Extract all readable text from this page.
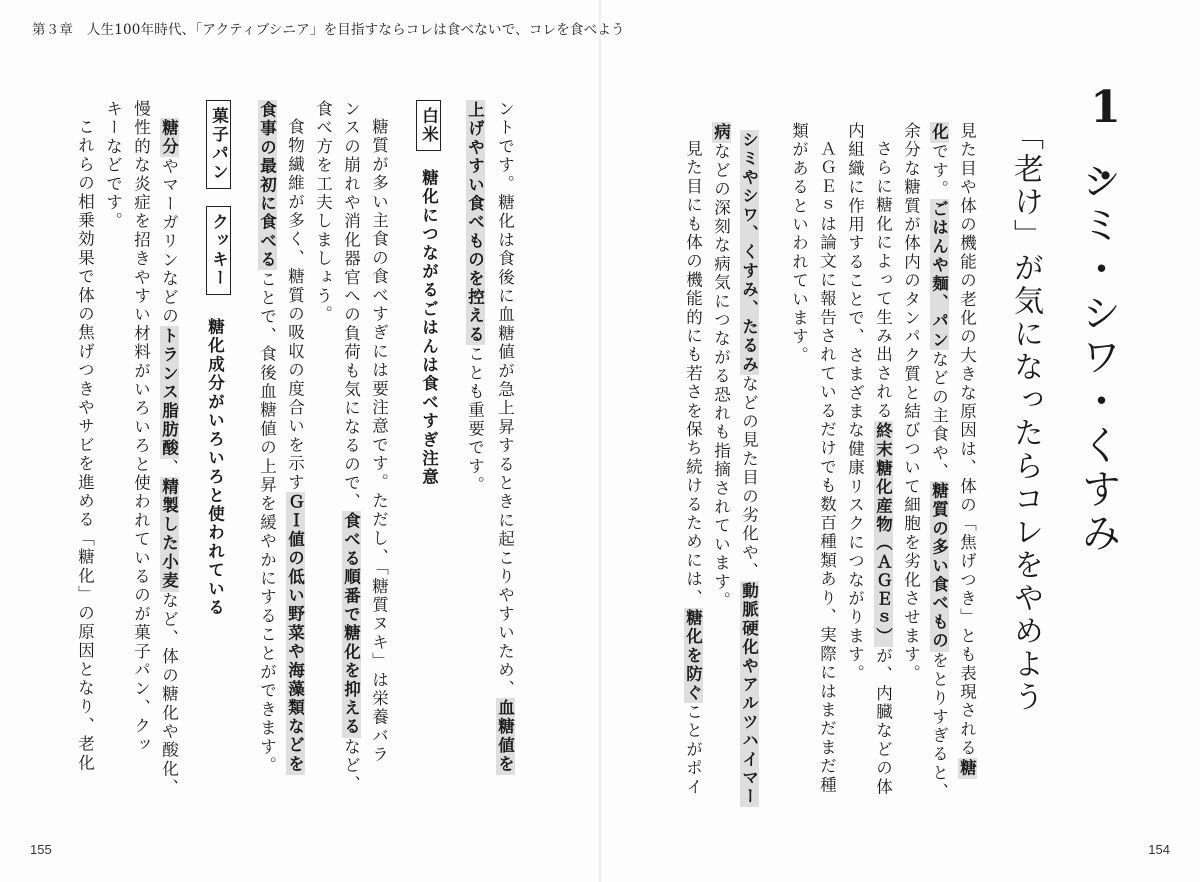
第３章　人生100年時代、「アクティブシニア」を目指すならコレは食べないで、コレを食べよう
1.
シミ・シワ・くすみ
「老け」が気になったらコレをやめよう
見た目や体の機能の老化の大きな原因は、体の「焦げつき」とも表現される糖
化です。ごはんや麺、パンなどの主食や、糖質の多い食べものをとりすぎると、
余分な糖質が体内のタンパク質と結びついて細胞を劣化させます。
さらに糖化によって生み出される終末糖化産物（ＡＧＥｓ）が、内臓などの体
内組織に作用することで、さまざまな健康リスクにつながります。
ＡＧＥｓは論文に報告されているだけでも数百種類あり、実際にはまだまだ種
類があるといわれています。
シミやシワ、くすみ、たるみなどの見た目の劣化や、動脈硬化やアルツハイマー
病などの深刻な病気につながる恐れも指摘されています。
見た目にも体の機能的にも若さを保ち続けるためには、糖化を防ぐことがポイ
ントです。糖化は食後に血糖値が急上昇するときに起こりやすいため、血糖値を
上げやすい食べものを控えることも重要です。
白米糖化につながるごはんは食べすぎ注意
糖質が多い主食の食べすぎには要注意です。ただし、「糖質ヌキ」は栄養バラ
ンスの崩れや消化器官への負荷も気になるので、食べる順番で糖化を抑えるなど、
食べ方を工夫しましょう。
食物繊維が多く、糖質の吸収の度合いを示すＧＩ値の低い野菜や海藻類などを
食事の最初に食べることで、食後血糖値の上昇を緩やかにすることができます。
菓子パン
クッキー
糖化成分がいろいろと使われている
糖分やマーガリンなどのトランス脂肪酸、精製した小麦など、体の糖化や酸化、
慢性的な炎症を招きやすい材料がいろいろと使われているのが菓子パン、クッ
キーなどです。
これらの相乗効果で体の焦げつきやサビを進める「糖化」の原因となり、老化
155	154
